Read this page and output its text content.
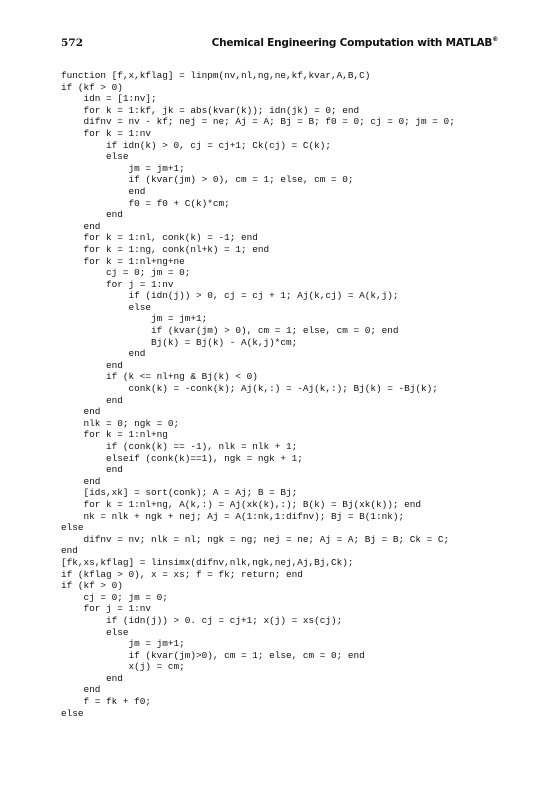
572	Chemical Engineering Computation with MATLAB®
function [f,x,kflag] = linpm(nv,nl,ng,ne,kf,kvar,A,B,C)
if (kf > 0)
idn = [1:nv];
for k = 1:kf, jk = abs(kvar(k)); idn(jk) = 0; end
difnv = nv - kf; nej = ne; Aj = A; Bj = B; f0 = 0; cj = 0; jm = 0;
for k = 1:nv
if idn(k) > 0, cj = cj+1; Ck(cj) = C(k);
else
jm = jm+1;
if (kvar(jm) > 0), cm = 1; else, cm = 0;
end
f0 = f0 + C(k)*cm;
end
end
for k = 1:nl, conk(k) = -1; end
for k = 1:ng, conk(nl+k) = 1; end
for k = 1:nl+ng+ne
cj = 0; jm = 0;
for j = 1:nv
if (idn(j)) > 0, cj = cj + 1; Aj(k,cj) = A(k,j);
else
jm = jm+1;
if (kvar(jm) > 0), cm = 1; else, cm = 0; end
Bj(k) = Bj(k) - A(k,j)*cm;
end
end
if (k <= nl+ng & Bj(k) < 0)
conk(k) = -conk(k); Aj(k,:) = -Aj(k,:); Bj(k) = -Bj(k);
end
end
nlk = 0; ngk = 0;
for k = 1:nl+ng
if (conk(k) == -1), nlk = nlk + 1;
elseif (conk(k)==1), ngk = ngk + 1;
end
end
[ids,xk] = sort(conk); A = Aj; B = Bj;
for k = 1:nl+ng, A(k,:) = Aj(xk(k),:); B(k) = Bj(xk(k)); end
nk = nlk + ngk + nej; Aj = A(1:nk,1:difnv); Bj = B(1:nk);
else
difnv = nv; nlk = nl; ngk = ng; nej = ne; Aj = A; Bj = B; Ck = C;
end
[fk,xs,kflag] = linsimx(difnv,nlk,ngk,nej,Aj,Bj,Ck);
if (kflag > 0), x = xs; f = fk; return; end
if (kf > 0)
cj = 0; jm = 0;
for j = 1:nv
if (idn(j)) > 0. cj = cj+1; x(j) = xs(cj);
else
jm = jm+1;
if (kvar(jm)>0), cm = 1; else, cm = 0; end
x(j) = cm;
end
end
f = fk + f0;
else
